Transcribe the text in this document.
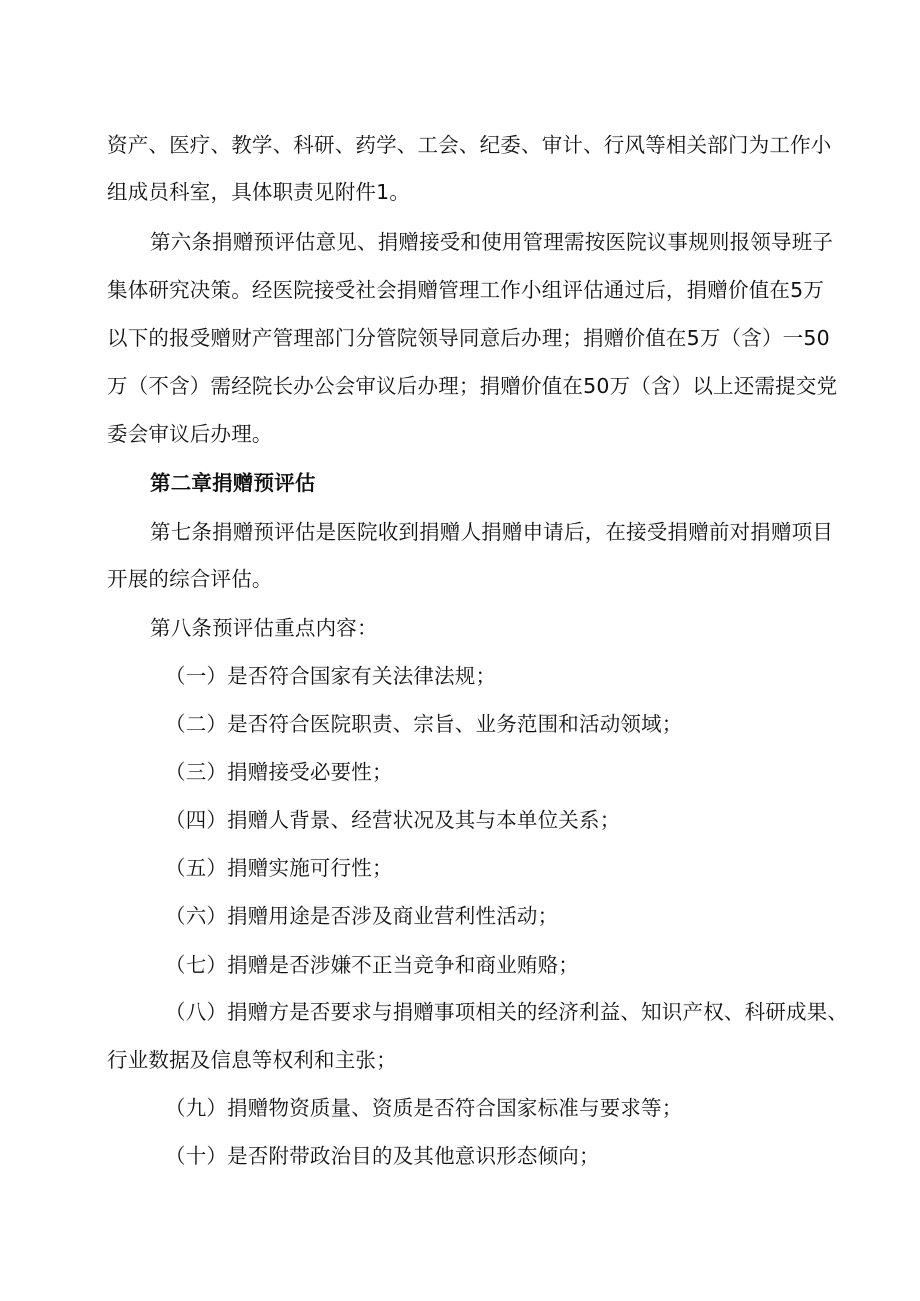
资产、医疗、教学、科研、药学、工会、纪委、审计、行风等相关部门为工作小
组成员科室，具体职责见附件1。
第六条捐赠预评估意见、捐赠接受和使用管理需按医院议事规则报领导班子
集体研究决策。经医院接受社会捐赠管理工作小组评估通过后，捐赠价值在5万
以下的报受赠财产管理部门分管院领导同意后办理；捐赠价值在5万（含）一50
万（不含）需经院长办公会审议后办理；捐赠价值在50万（含）以上还需提交党
委会审议后办理。
第二章捐赠预评估
第七条捐赠预评估是医院收到捐赠人捐赠申请后，在接受捐赠前对捐赠项目
开展的综合评估。
第八条预评估重点内容：
（一）是否符合国家有关法律法规；
（二）是否符合医院职责、宗旨、业务范围和活动领域；
（三）捐赠接受必要性；
（四）捐赠人背景、经营状况及其与本单位关系；
（五）捐赠实施可行性；
（六）捐赠用途是否涉及商业营利性活动；
（七）捐赠是否涉嫌不正当竞争和商业贿赂；
（八）捐赠方是否要求与捐赠事项相关的经济利益、知识产权、科研成果、
行业数据及信息等权利和主张；
（九）捐赠物资质量、资质是否符合国家标准与要求等；
（十）是否附带政治目的及其他意识形态倾向；
